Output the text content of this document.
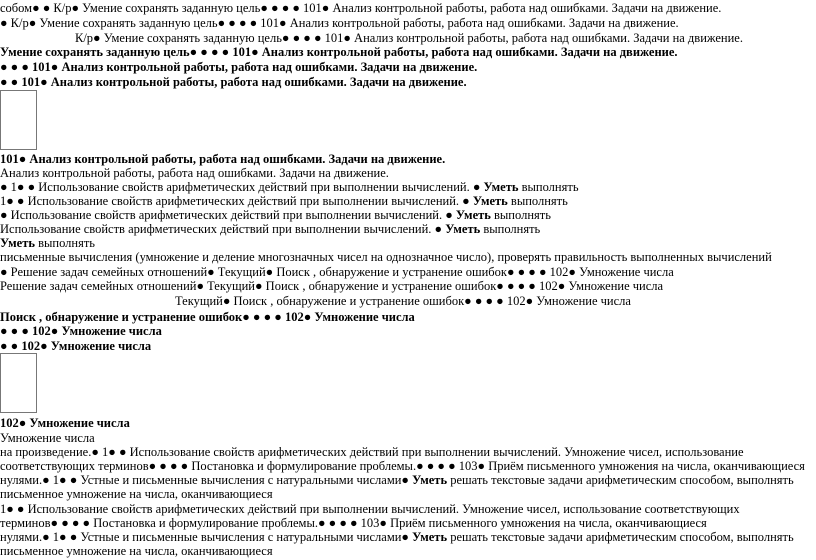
собом● ● К/р● Умение сохранять заданную цель● ● ● ● 101● Анализ контрольной работы, работа над ошибками. Задачи на движение.
● К/р● Умение сохранять заданную цель● ● ● ● 101● Анализ контрольной работы, работа над ошибками. Задачи на движение.
К/р● Умение сохранять заданную цель● ● ● ● 101● Анализ контрольной работы, работа над ошибками. Задачи на движение.
Умение сохранять заданную цель● ● ● ● 101● Анализ контрольной работы, работа над ошибками. Задачи на движение.
● ● ● 101● Анализ контрольной работы, работа над ошибками. Задачи на движение.
● ● 101● Анализ контрольной работы, работа над ошибками. Задачи на движение.
101● Анализ контрольной работы, работа над ошибками. Задачи на движение.
Анализ контрольной работы, работа над ошибками. Задачи на движение.
● 1● ● Использование свойств арифметических действий при выполнении вычислений. ● Уметь выполнять
1● ● Использование свойств арифметических действий при выполнении вычислений. ● Уметь выполнять
● Использование свойств арифметических действий при выполнении вычислений. ● Уметь выполнять
Использование свойств арифметических действий при выполнении вычислений. ● Уметь выполнять
Уметь выполнять
письменные вычисления (умножение и деление многозначных чисел на однозначное число), проверять правильность выполненных вычислений
● Решение задач семейных отношений● Текущий● Поиск , обнаружение и устранение ошибок● ● ● ● 102● Умножение числа
Решение задач семейных отношений● Текущий● Поиск , обнаружение и устранение ошибок● ● ● ● 102● Умножение числа
Текущий● Поиск , обнаружение и устранение ошибок● ● ● ● 102● Умножение числа
Поиск , обнаружение и устранение ошибок● ● ● ● 102● Умножение числа
● ● ● 102● Умножение числа
● ● 102● Умножение числа
102● Умножение числа
Умножение числа
на произведение.● 1● ● Использование свойств арифметических действий при выполнении вычислений. Умножение чисел, использование
соответствующих терминов● ● ● ● Постановка и формулирование проблемы.● ● ● ● 103● Приём письменного умножения на числа, оканчивающиеся
нулями.● 1● ● Устные и письменные вычисления с натуральными числами● Уметь решать текстовые задачи арифметическим способом, выполнять
письменное умножение на числа, оканчивающиеся
1● ● Использование свойств арифметических действий при выполнении вычислений. Умножение чисел, использование соответствующих
терминов● ● ● ● Постановка и формулирование проблемы.● ● ● ● 103● Приём письменного умножения на числа, оканчивающиеся
нулями.● 1● ● Устные и письменные вычисления с натуральными числами● Уметь решать текстовые задачи арифметическим способом, выполнять
письменное умножение на числа, оканчивающиеся
